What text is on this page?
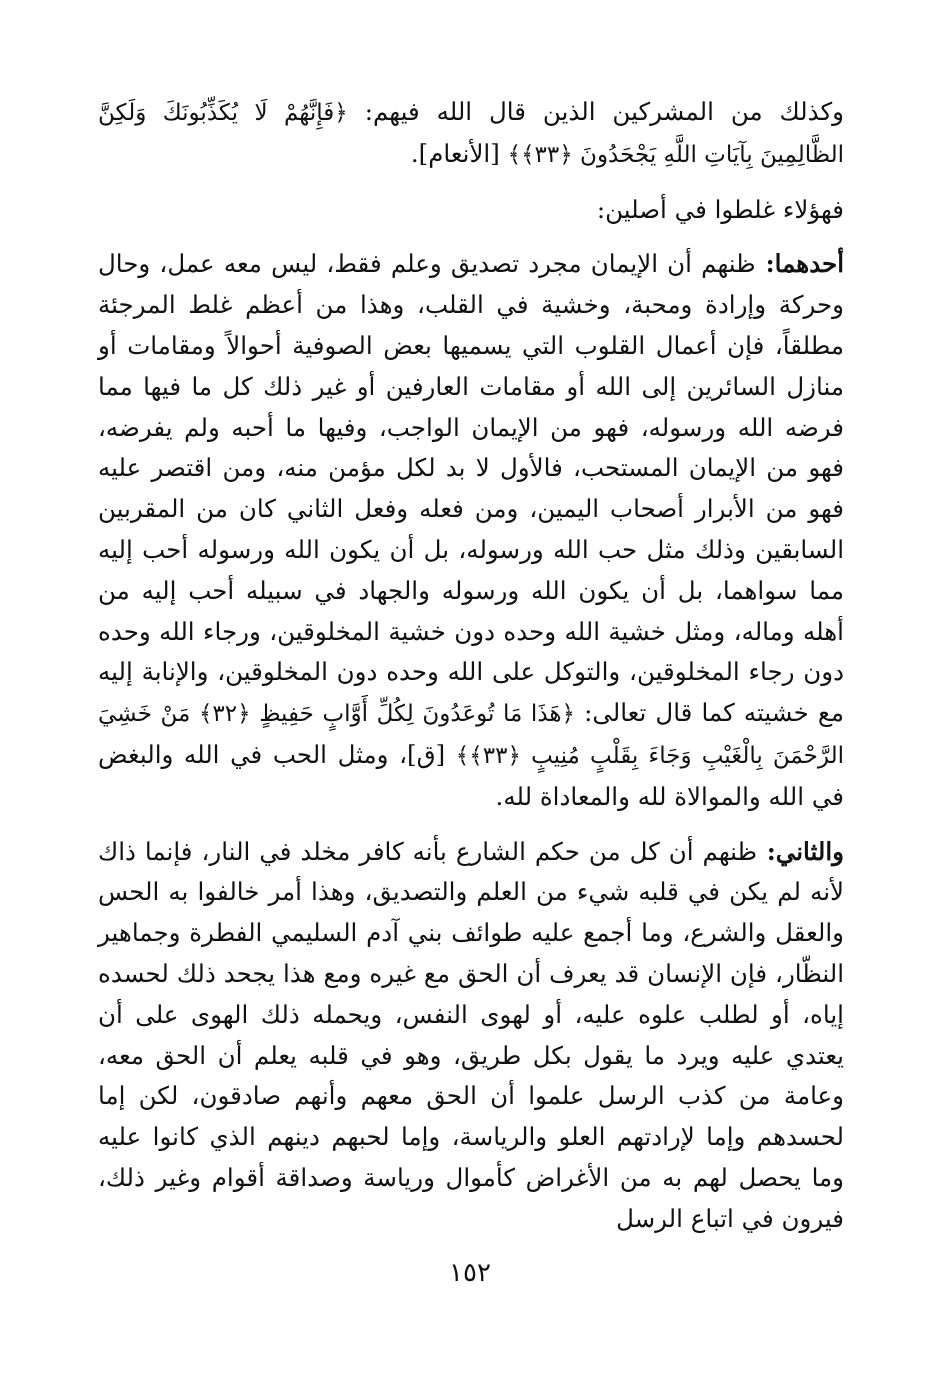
وكذلك من المشركين الذين قال الله فيهم: ﴿فَإِنَّهُمْ لَا يُكَذِّبُونَكَ وَلَكِنَّ الظَّالِمِينَ بِآيَاتِ اللَّهِ يَجْحَدُونَ ﴿٣٣﴾﴾ [الأنعام].

فهؤلاء غلطوا في أصلين:

أحدهما: ظنهم أن الإيمان مجرد تصديق وعلم فقط، ليس معه عمل، وحال وحركة وإرادة ومحبة، وخشية في القلب، وهذا من أعظم غلط المرجئة مطلقاً، فإن أعمال القلوب التي يسميها بعض الصوفية أحوالاً ومقامات أو منازل السائرين إلى الله أو مقامات العارفين أو غير ذلك كل ما فيها مما فرضه الله ورسوله، فهو من الإيمان الواجب، وفيها ما أحبه ولم يفرضه، فهو من الإيمان المستحب، فالأول لا بد لكل مؤمن منه، ومن اقتصر عليه فهو من الأبرار أصحاب اليمين، ومن فعله وفعل الثاني كان من المقربين السابقين وذلك مثل حب الله ورسوله، بل أن يكون الله ورسوله أحب إليه مما سواهما، بل أن يكون الله ورسوله والجهاد في سبيله أحب إليه من أهله وماله، ومثل خشية الله وحده دون خشية المخلوقين، ورجاء الله وحده دون رجاء المخلوقين، والتوكل على الله وحده دون المخلوقين، والإنابة إليه مع خشيته كما قال تعالى: ﴿هَذَا مَا تُوعَدُونَ لِكُلِّ أَوَّابٍ حَفِيظٍ ﴿٣٢﴾ مَنْ خَشِيَ الرَّحْمَنَ بِالْغَيْبِ وَجَاءَ بِقَلْبٍ مُنِيبٍ ﴿٣٣﴾﴾ [ق]، ومثل الحب في الله والبغض في الله والموالاة لله والمعاداة لله.

والثاني: ظنهم أن كل من حكم الشارع بأنه كافر مخلد في النار، فإنما ذاك لأنه لم يكن في قلبه شيء من العلم والتصديق، وهذا أمر خالفوا به الحس والعقل والشرع، وما أجمع عليه طوائف بني آدم السليمي الفطرة وجماهير النظّار، فإن الإنسان قد يعرف أن الحق مع غيره ومع هذا يجحد ذلك لحسده إياه، أو لطلب علوه عليه، أو لهوى النفس، ويحمله ذلك الهوى على أن يعتدي عليه ويرد ما يقول بكل طريق، وهو في قلبه يعلم أن الحق معه، وعامة من كذب الرسل علموا أن الحق معهم وأنهم صادقون، لكن إما لحسدهم وإما لإرادتهم العلو والرياسة، وإما لحبهم دينهم الذي كانوا عليه وما يحصل لهم به من الأغراض كأموال ورياسة وصداقة أقوام وغير ذلك، فيرون في اتباع الرسل

١٥٢
